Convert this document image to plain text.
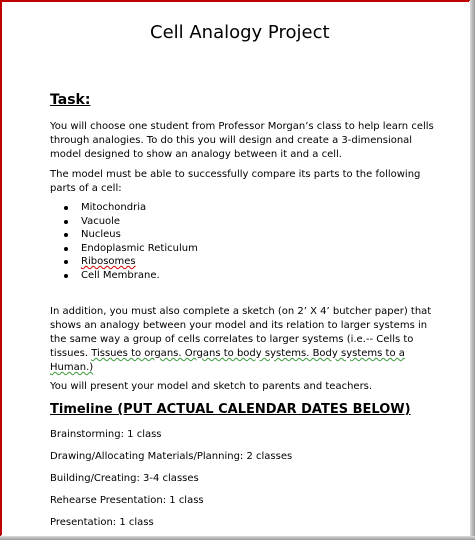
Cell Analogy Project
Task:
You will choose one student from Professor Morgan’s class to help learn cells through analogies. To do this you will design and create a 3-dimensional model designed to show an analogy between it and a cell.
The model must be able to successfully compare its parts to the following parts of a cell:
Mitochondria
Vacuole
Nucleus
Endoplasmic Reticulum
Ribosomes
Cell Membrane.
In addition, you must also complete a sketch (on 2’ X 4’ butcher paper) that shows an analogy between your model and its relation to larger systems in the same way a group of cells correlates to larger systems (i.e.-- Cells to tissues. Tissues to organs. Organs to body systems. Body systems to a Human.)
You will present your model and sketch to parents and teachers.
Timeline (PUT ACTUAL CALENDAR DATES BELOW)
Brainstorming: 1 class
Drawing/Allocating Materials/Planning: 2 classes
Building/Creating: 3-4 classes
Rehearse Presentation: 1 class
Presentation: 1 class
